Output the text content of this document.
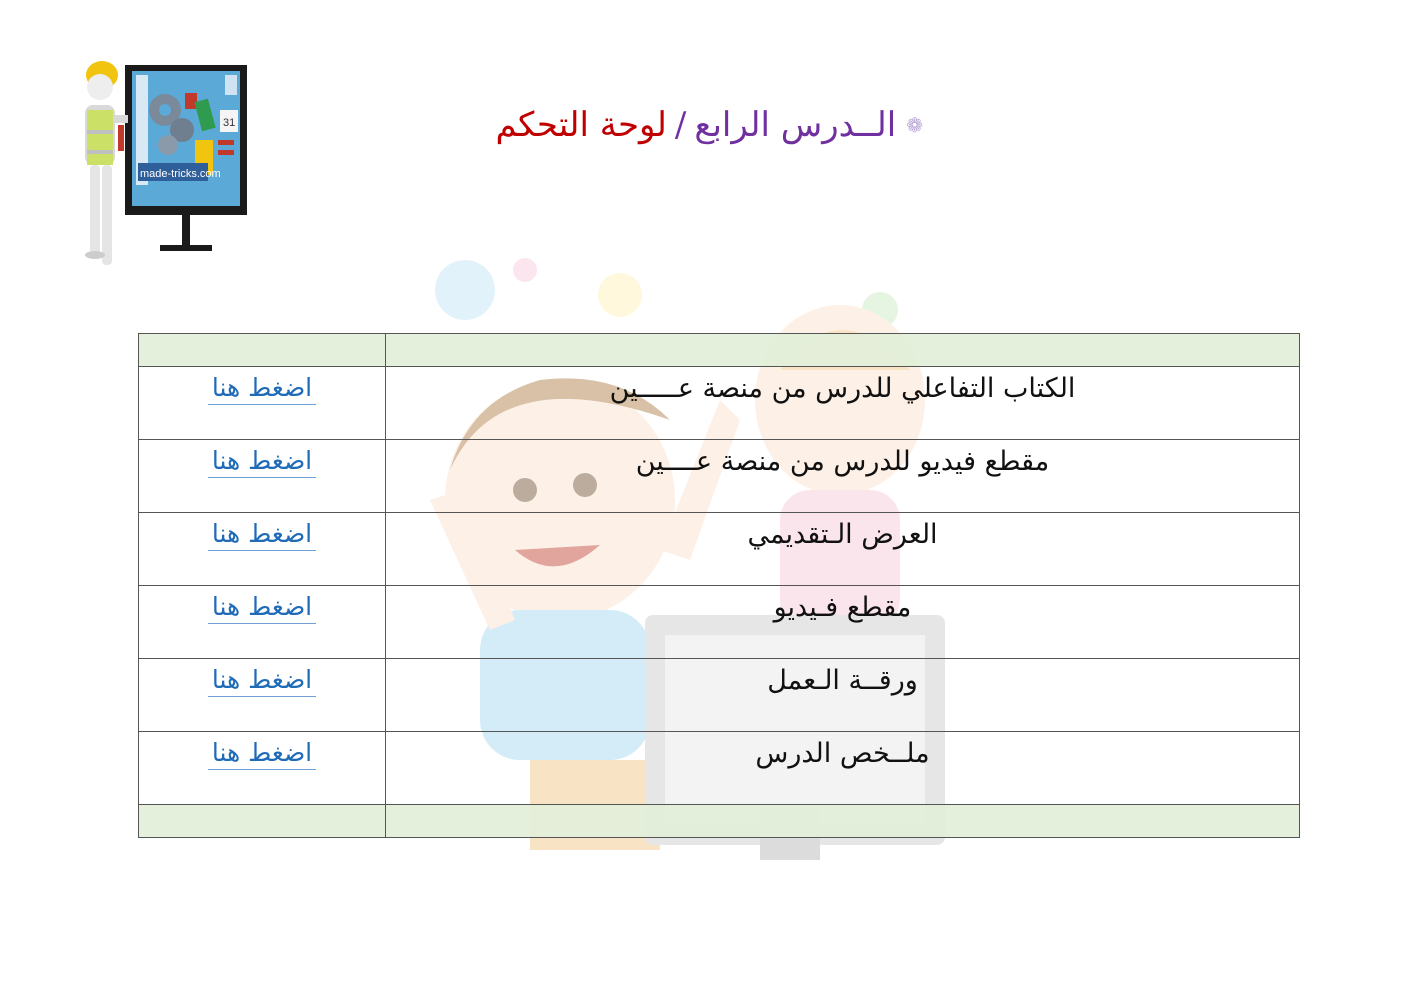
31
made-tricks.com
❁
الــدرس الرابع
/
لوحة التحكم

الكتاب التفاعلي للدرس من منصة عـــــين	اضغط هنا
مقطع فيديو للدرس من منصة عــــين	اضغط هنا
العرض الـتقديمي	اضغط هنا
مقطع فـيديو	اضغط هنا
ورقــة الـعمل	اضغط هنا
ملــخص الدرس	اضغط هنا
